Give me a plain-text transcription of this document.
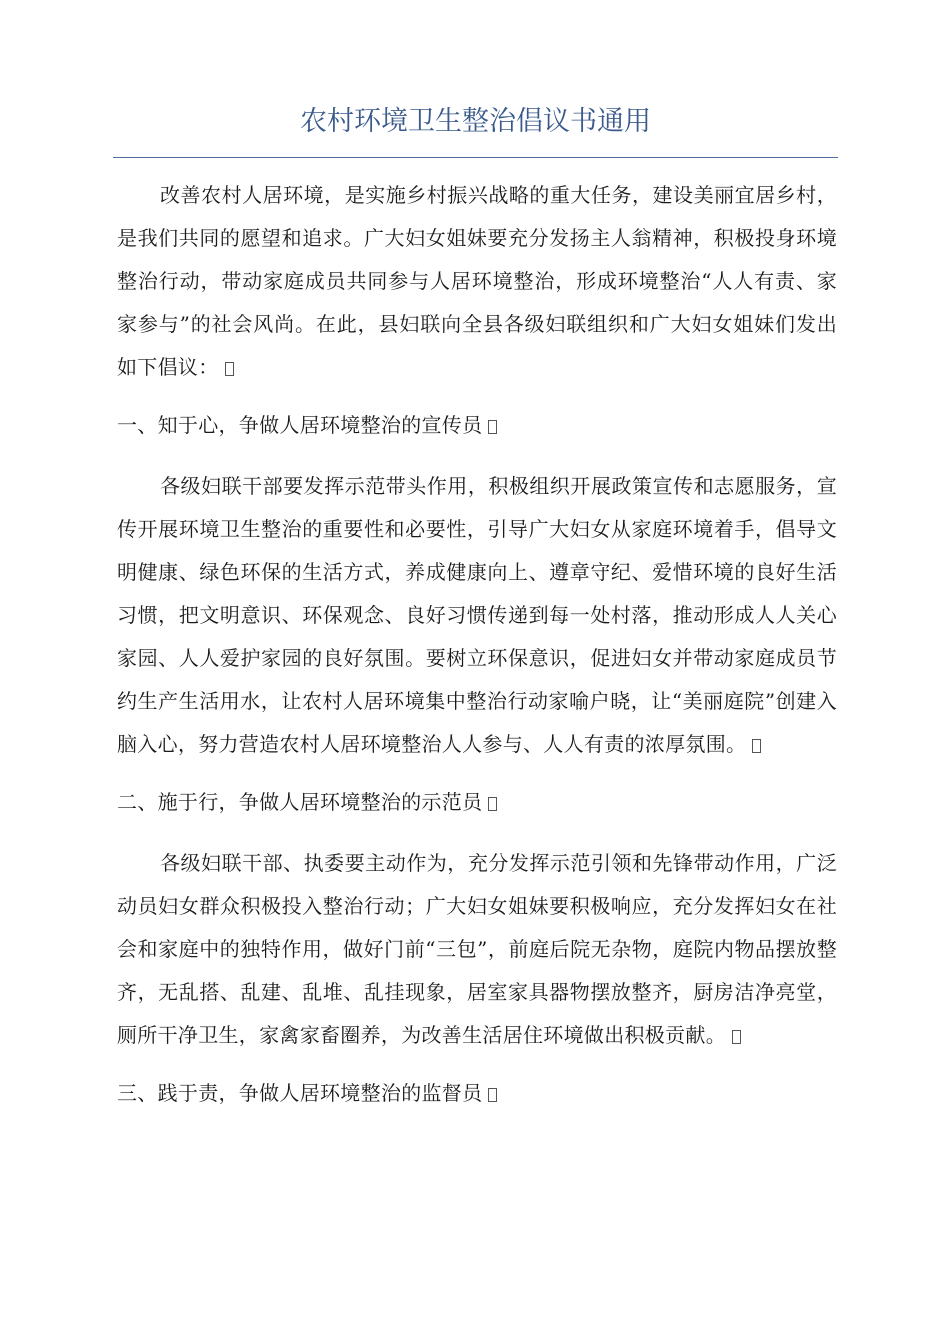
农村环境卫生整治倡议书通用

改善农村人居环境，是实施乡村振兴战略的重大任务，建设美丽宜居乡村，是我们共同的愿望和追求。广大妇女姐妹要充分发扬主人翁精神，积极投身环境整治行动，带动家庭成员共同参与人居环境整治，形成环境整治“人人有责、家家参与”的社会风尚。在此，县妇联向全县各级妇联组织和广大妇女姐妹们发出如下倡议：

一、知于心，争做人居环境整治的宣传员

各级妇联干部要发挥示范带头作用，积极组织开展政策宣传和志愿服务，宣传开展环境卫生整治的重要性和必要性，引导广大妇女从家庭环境着手，倡导文明健康、绿色环保的生活方式，养成健康向上、遵章守纪、爱惜环境的良好生活习惯，把文明意识、环保观念、良好习惯传递到每一处村落，推动形成人人关心家园、人人爱护家园的良好氛围。要树立环保意识，促进妇女并带动家庭成员节约生产生活用水，让农村人居环境集中整治行动家喻户晓，让“美丽庭院”创建入脑入心，努力营造农村人居环境整治人人参与、人人有责的浓厚氛围。

二、施于行，争做人居环境整治的示范员

各级妇联干部、执委要主动作为，充分发挥示范引领和先锋带动作用，广泛动员妇女群众积极投入整治行动；广大妇女姐妹要积极响应，充分发挥妇女在社会和家庭中的独特作用，做好门前“三包”，前庭后院无杂物，庭院内物品摆放整齐，无乱搭、乱建、乱堆、乱挂现象，居室家具器物摆放整齐，厨房洁净亮堂，厕所干净卫生，家禽家畜圈养，为改善生活居住环境做出积极贡献。

三、践于责，争做人居环境整治的监督员
